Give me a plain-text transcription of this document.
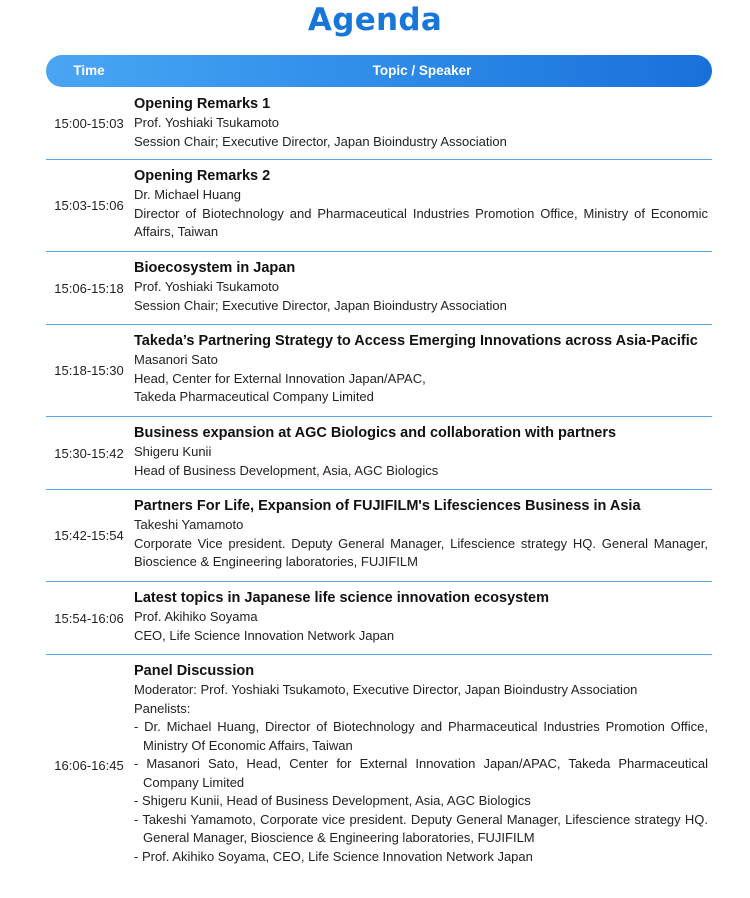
Agenda
Time	Topic / Speaker
15:00-15:03
Opening Remarks 1
Prof. Yoshiaki Tsukamoto
Session Chair; Executive Director, Japan Bioindustry Association
15:03-15:06
Opening Remarks 2
Dr. Michael Huang
Director of Biotechnology and Pharmaceutical Industries Promotion Office, Ministry of Economic Affairs, Taiwan
15:06-15:18
Bioecosystem in Japan
Prof. Yoshiaki Tsukamoto
Session Chair; Executive Director, Japan Bioindustry Association
15:18-15:30
Takeda’s Partnering Strategy to Access Emerging Innovations across Asia-Pacific
Masanori Sato
Head, Center for External Innovation Japan/APAC,
Takeda Pharmaceutical Company Limited
15:30-15:42
Business expansion at AGC Biologics and collaboration with partners
Shigeru Kunii
Head of Business Development, Asia, AGC Biologics
15:42-15:54
Partners For Life, Expansion of FUJIFILM's Lifesciences Business in Asia
Takeshi Yamamoto
Corporate Vice president. Deputy General Manager, Lifescience strategy HQ. General Manager, Bioscience & Engineering laboratories, FUJIFILM
15:54-16:06
Latest topics in Japanese life science innovation ecosystem
Prof. Akihiko Soyama
CEO, Life Science Innovation Network Japan
16:06-16:45
Panel Discussion
Moderator: Prof. Yoshiaki Tsukamoto, Executive Director, Japan Bioindustry Association
Panelists:
- Dr. Michael Huang, Director of Biotechnology and Pharmaceutical Industries Promotion Office, Ministry Of Economic Affairs, Taiwan
- Masanori Sato, Head, Center for External Innovation Japan/APAC, Takeda Pharmaceutical Company Limited
- Shigeru Kunii, Head of Business Development, Asia, AGC Biologics
- Takeshi Yamamoto, Corporate vice president. Deputy General Manager, Lifescience strategy HQ. General Manager, Bioscience & Engineering laboratories, FUJIFILM
- Prof. Akihiko Soyama, CEO, Life Science Innovation Network Japan
